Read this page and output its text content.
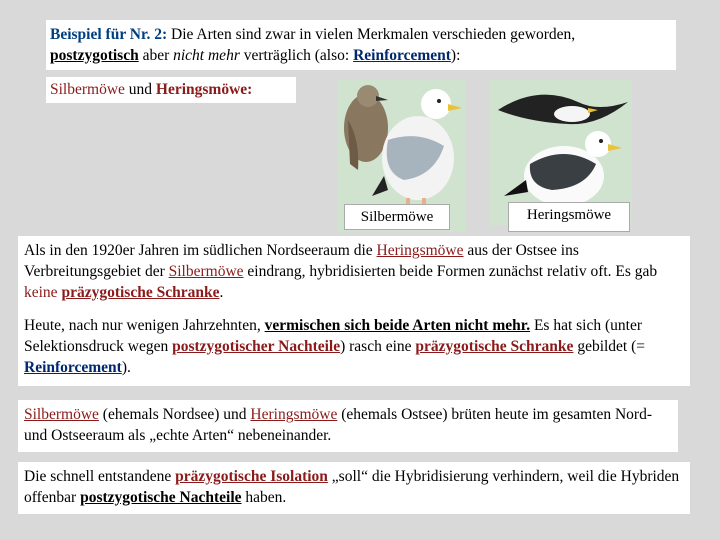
Beispiel für Nr. 2: Die Arten sind zwar in vielen Merkmalen verschieden geworden,
postzygotisch aber nicht mehr verträglich (also: Reinforcement):
Silbermöwe und Heringsmöwe:
Silbermöwe	Heringsmöwe

Als in den 1920er Jahren im südlichen Nordseeraum die Heringsmöwe aus der Ostsee ins Verbreitungsgebiet der Silbermöwe eindrang, hybridisierten beide Formen zunächst relativ oft. Es gab keine präzygotische Schranke.

Heute, nach nur wenigen Jahrzehnten, vermischen sich beide Arten nicht mehr. Es hat sich (unter Selektionsdruck wegen postzygotischer Nachteile) rasch eine präzygotische Schranke gebildet (= Reinforcement).

Silbermöwe (ehemals Nordsee) und Heringsmöwe (ehemals Ostsee) brüten heute im gesamten Nord- und Ostseeraum als „echte Arten“ nebeneinander.
Die schnell entstandene präzygotische Isolation „soll“ die Hybridisierung verhindern, weil die Hybriden offenbar postzygotische Nachteile haben.
